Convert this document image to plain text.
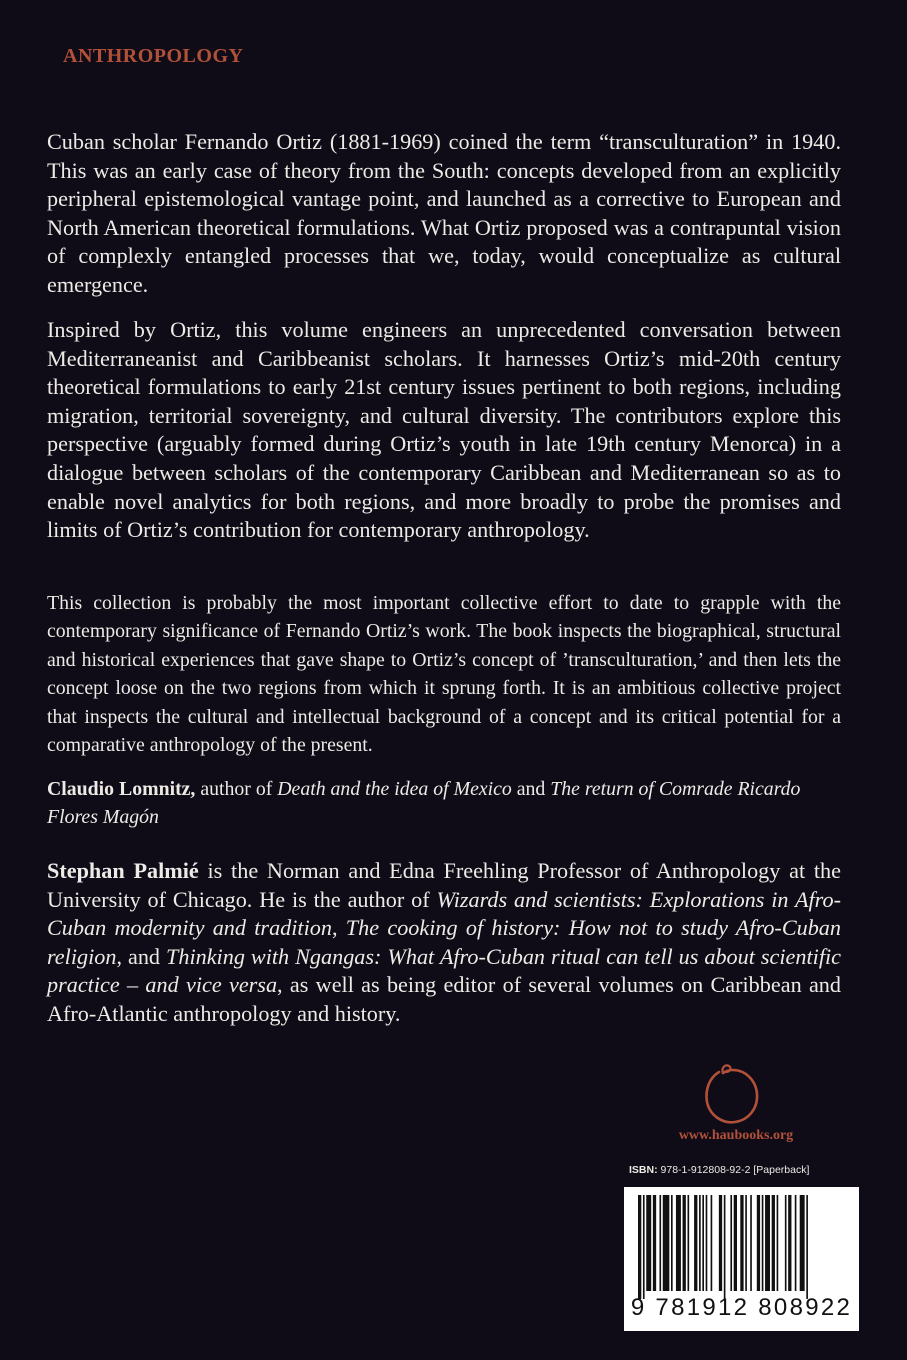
ANTHROPOLOGY

Cuban scholar Fernando Ortiz (1881-1969) coined the term “transculturation” in 1940. This was an early case of theory from the South: concepts developed from an explicitly peripheral epistemological vantage point, and launched as a corrective to European and North American theoretical formulations. What Ortiz proposed was a contrapuntal vision of complexly entangled processes that we, today, would conceptualize as cultural emergence.

Inspired by Ortiz, this volume engineers an unprecedented conversation between Mediterraneanist and Caribbeanist scholars. It harnesses Ortiz’s mid-20th century theoretical formulations to early 21st century issues pertinent to both regions, including migration, territorial sovereignty, and cultural diversity. The contributors explore this perspective (arguably formed during Ortiz’s youth in late 19th century Menorca) in a dialogue between scholars of the contemporary Caribbean and Mediterranean so as to enable novel analytics for both regions, and more broadly to probe the promises and limits of Ortiz’s contribution for contemporary anthropology.

This collection is probably the most important collective effort to date to grapple with the contemporary significance of Fernando Ortiz’s work. The book inspects the biographical, structural and historical experiences that gave shape to Ortiz’s concept of ’transculturation,’ and then lets the concept loose on the two regions from which it sprung forth. It is an ambitious collective project that inspects the cultural and intellectual background of a concept and its critical potential for a comparative anthropology of the present.

Claudio Lomnitz, author of Death and the idea of Mexico and The return of Comrade Ricardo Flores Magón

Stephan Palmié is the Norman and Edna Freehling Professor of Anthropology at the University of Chicago. He is the author of Wizards and scientists: Explorations in Afro-Cuban modernity and tradition, The cooking of history: How not to study Afro-Cuban religion, and Thinking with Ngangas: What Afro-Cuban ritual can tell us about scientific practice – and vice versa, as well as being editor of several volumes on Caribbean and Afro-Atlantic anthropology and history.

www.haubooks.org
ISBN: 978-1-912808-92-2 [Paperback]
9 781912 808922
